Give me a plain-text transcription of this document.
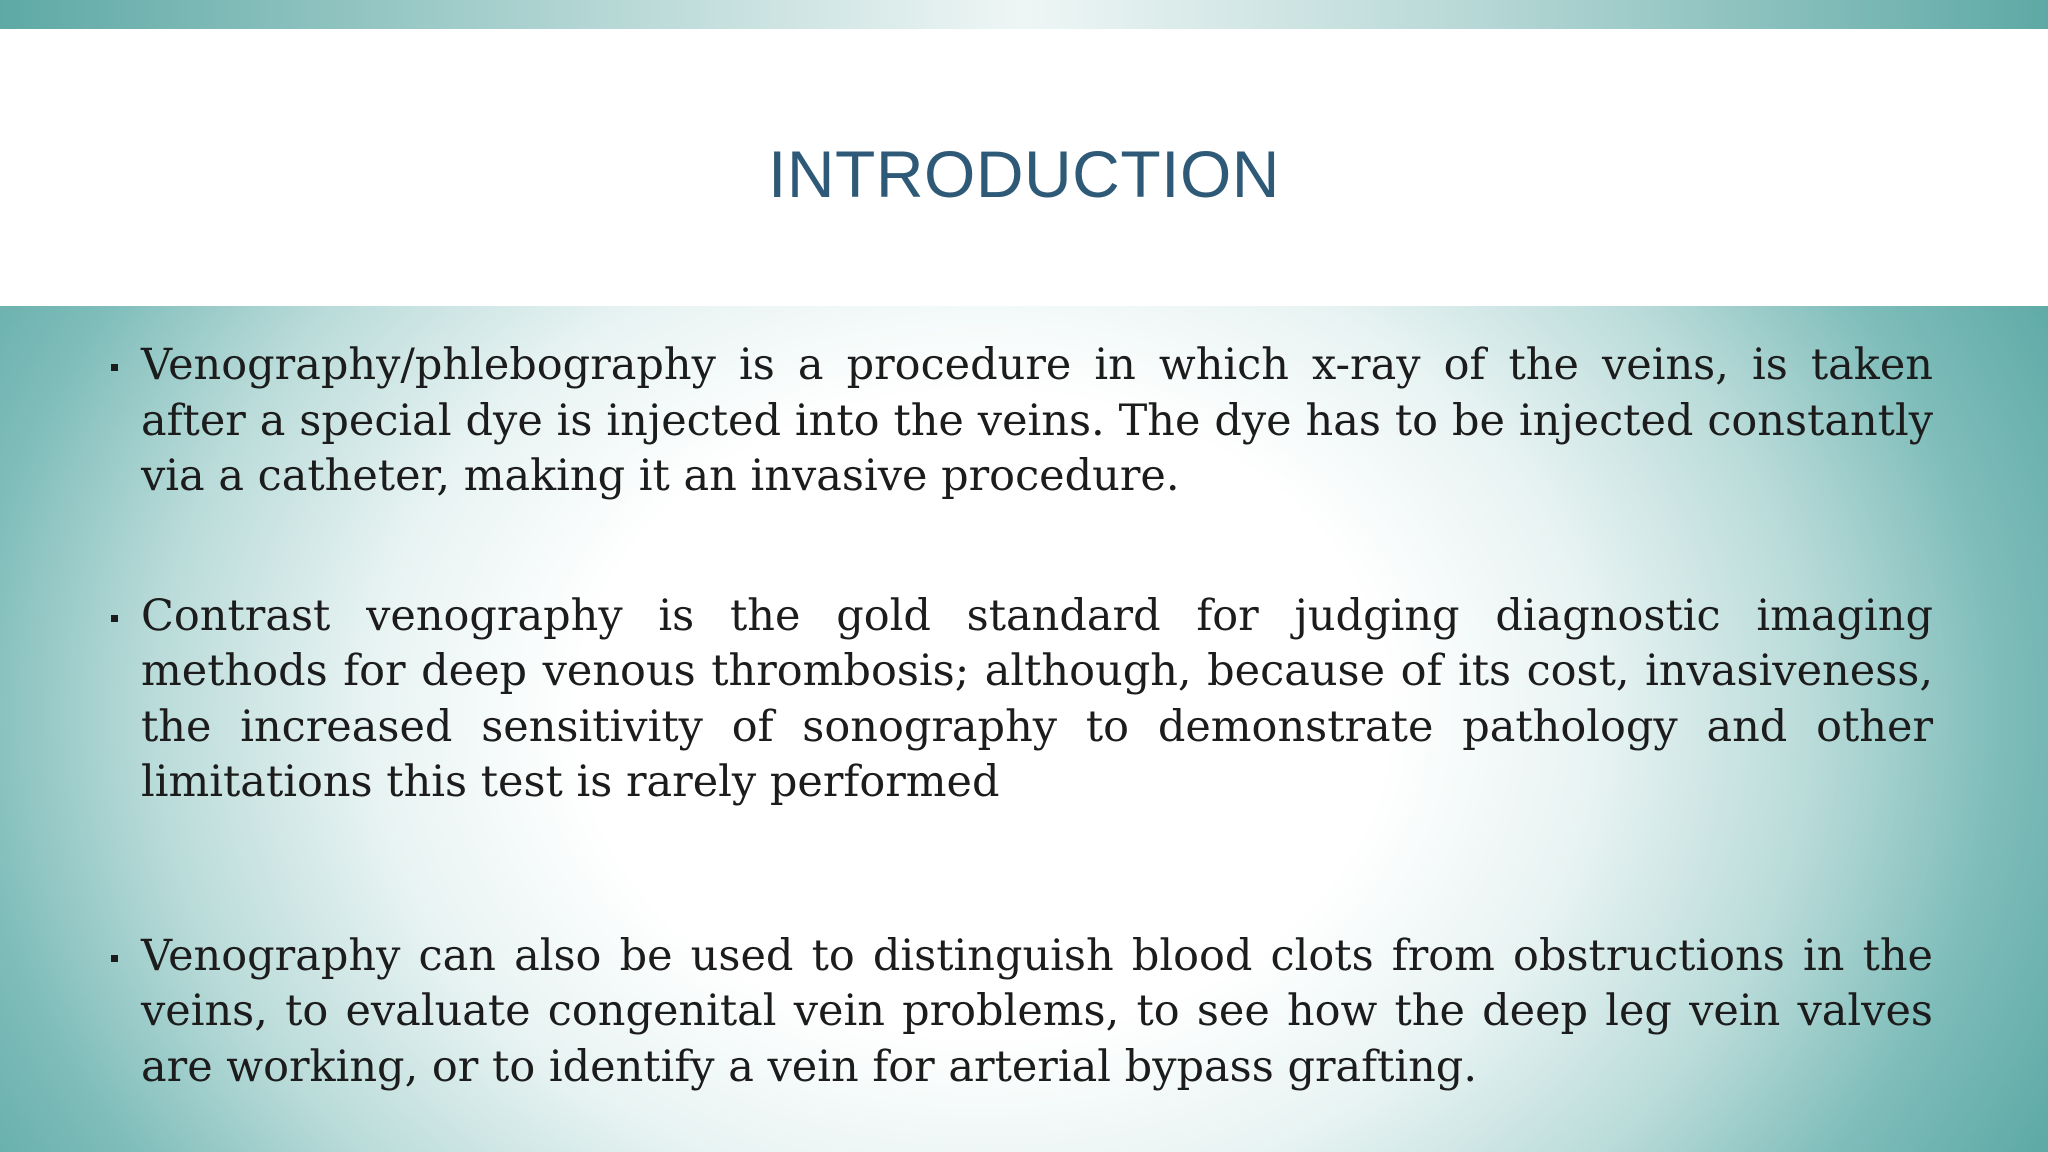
INTRODUCTION
Venography/phlebography is a procedure in which x-ray of the veins, is taken after a special dye is injected into the veins. The dye has to be injected constantly via a catheter, making it an invasive procedure.
Contrast venography is the gold standard for judging diagnostic imaging methods for deep venous thrombosis; although, because of its cost, invasiveness, the increased sensitivity of sonography to demonstrate pathology and other limitations this test is rarely performed
Venography can also be used to distinguish blood clots from obstructions in the veins, to evaluate congenital vein problems, to see how the deep leg vein valves are working, or to identify a vein for arterial bypass grafting.
